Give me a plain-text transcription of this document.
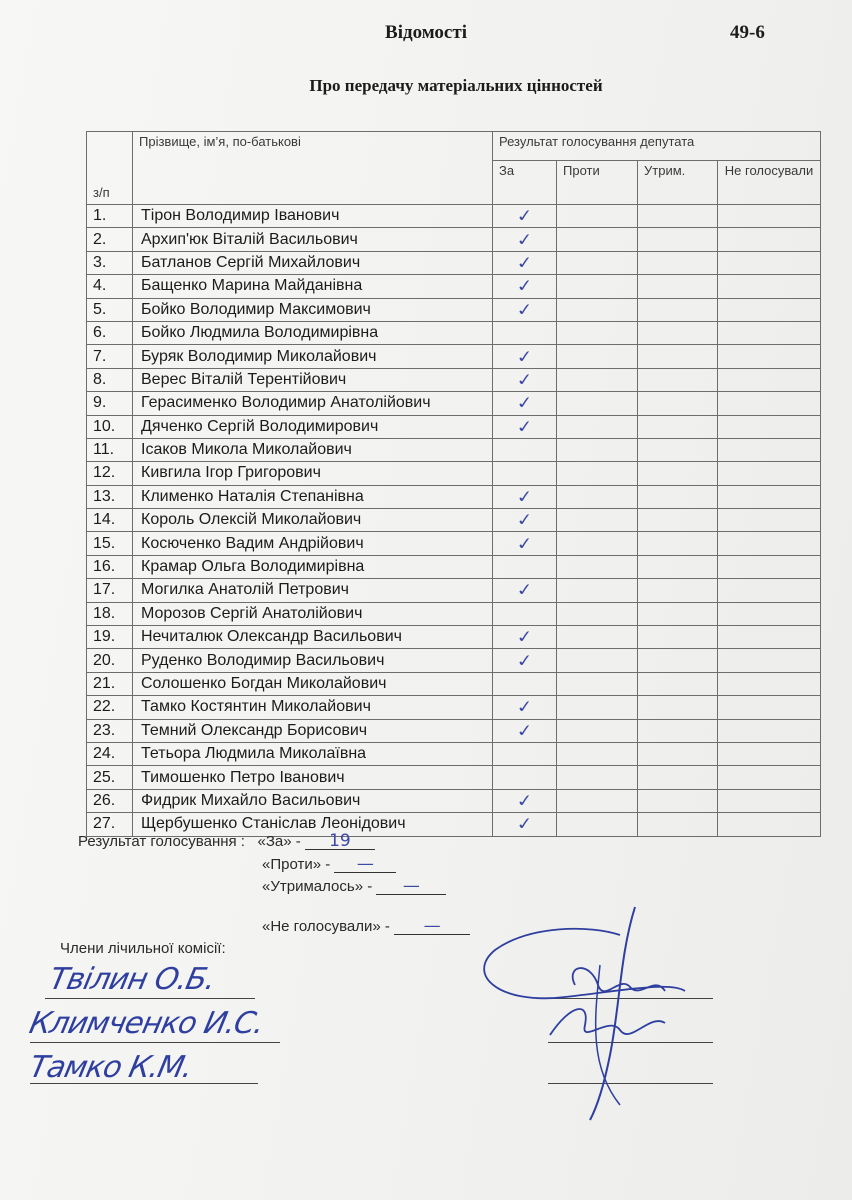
Відомості	49-6
Про передачу матеріальних цінностей
з/п	Прізвище, ім’я, по-батькові	Результат голосування депутата			
		За	Проти	Утрим.	Не голосували
1.	Тірон Володимир Іванович	✓			
2.	Архип'юк Віталій Васильович	✓			
3.	Батланов Сергій Михайлович	✓			
4.	Бащенко Марина Майданівна	✓			
5.	Бойко Володимир Максимович	✓			
6.	Бойко Людмила Володимирівна				
7.	Буряк Володимир Миколайович	✓			
8.	Верес Віталій Терентійович	✓			
9.	Герасименко Володимир Анатолійович	✓			
10.	Дяченко Сергій Володимирович	✓			
11.	Ісаков Микола Миколайович				
12.	Кивгила Ігор Григорович				
13.	Клименко Наталія Степанівна	✓			
14.	Король Олексій Миколайович	✓			
15.	Косюченко Вадим Андрійович	✓			
16.	Крамар Ольга Володимирівна				
17.	Могилка Анатолій Петрович	✓			
18.	Морозов Сергій Анатолійович				
19.	Нечиталюк Олександр Васильович	✓			
20.	Руденко Володимир Васильович	✓			
21.	Солошенко Богдан Миколайович				
22.	Тамко Костянтин Миколайович	✓			
23.	Темний Олександр Борисович	✓			
24.	Тетьора Людмила Миколаївна				
25.	Тимошенко Петро Іванович				
26.	Фидрик Михайло Васильович	✓			
27.	Щербушенко Станіслав Леонідович	✓			
Результат голосування : «За» - 19
«Проти» - —
«Утрималось» - —
«Не голосували» - —
Члени лічильної комісії:
Твілин О.Б.
Климченко И.С.
Тамко К.М.
